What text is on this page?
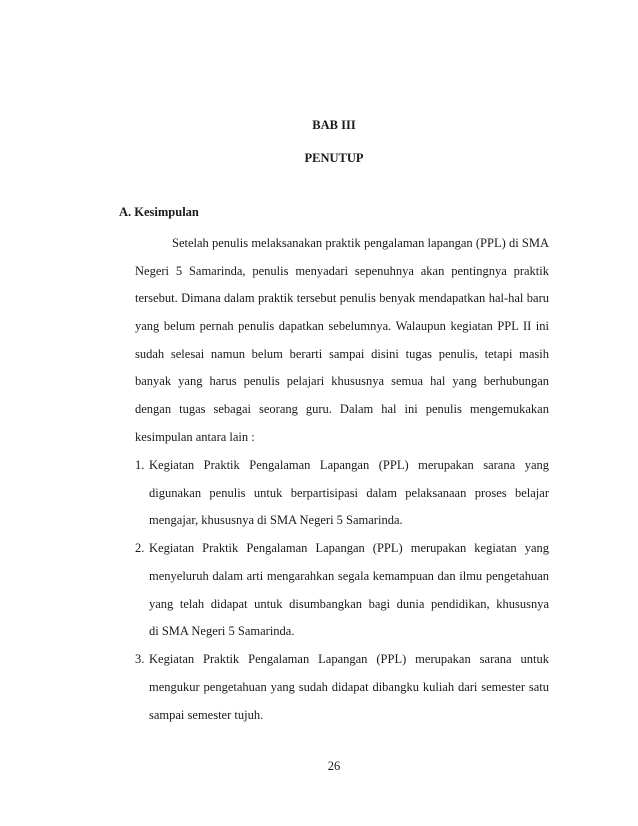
BAB III
PENUTUP
A. Kesimpulan
Setelah penulis melaksanakan praktik pengalaman lapangan (PPL) di SMA
Negeri 5 Samarinda, penulis menyadari sepenuhnya akan pentingnya praktik
tersebut. Dimana dalam praktik tersebut penulis benyak mendapatkan hal-hal baru
yang belum pernah penulis dapatkan sebelumnya. Walaupun kegiatan PPL II ini
sudah selesai namun belum berarti sampai disini tugas penulis, tetapi masih
banyak yang harus penulis pelajari khususnya semua hal yang berhubungan
dengan tugas sebagai seorang guru. Dalam hal ini penulis mengemukakan
kesimpulan antara lain :
1. Kegiatan Praktik Pengalaman Lapangan (PPL) merupakan sarana yang
digunakan penulis untuk berpartisipasi dalam pelaksanaan proses belajar
mengajar, khususnya di SMA Negeri 5 Samarinda.
2. Kegiatan Praktik Pengalaman Lapangan (PPL) merupakan kegiatan yang
menyeluruh dalam arti mengarahkan segala kemampuan dan ilmu pengetahuan
yang telah didapat untuk disumbangkan bagi dunia pendidikan, khususnya
di SMA Negeri 5 Samarinda.
3. Kegiatan Praktik Pengalaman Lapangan (PPL) merupakan sarana untuk
mengukur pengetahuan yang sudah didapat dibangku kuliah dari semester satu
sampai semester tujuh.
26
